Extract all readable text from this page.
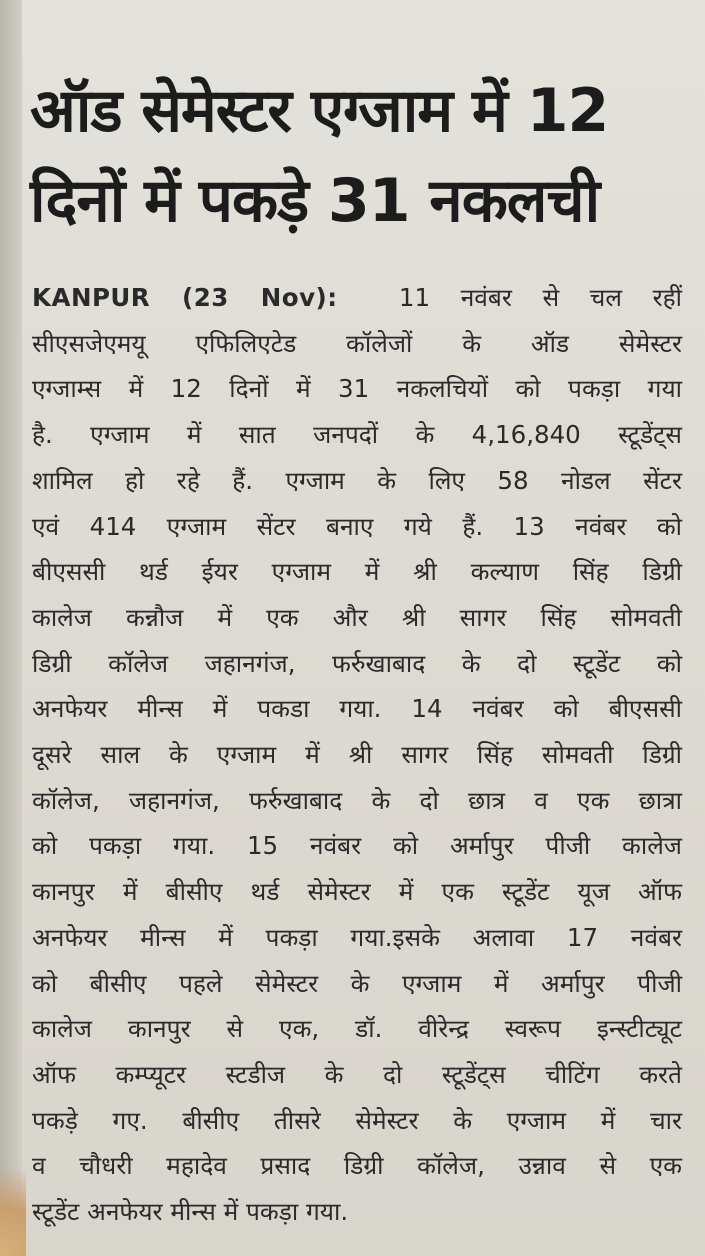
ऑड सेमेस्टर एग्जाम में 12
दिनों में पकड़े 31 नकलची
KANPUR (23 Nov):	11 नवंबर से चल रहीं
सीएसजेएमयू एफिलिएटेड कॉलेजों के ऑड सेमेस्टर
एग्जाम्स में 12 दिनों में 31 नकलचियों को पकड़ा गया
है. एग्जाम में सात जनपदों के 4,16,840 स्टूडेंट्स
शामिल हो रहे हैं. एग्जाम के लिए 58 नोडल सेंटर
एवं 414 एग्जाम सेंटर बनाए गये हैं. 13 नवंबर को
बीएससी थर्ड ईयर एग्जाम में श्री कल्याण सिंह डिग्री
कालेज कन्नौज में एक और श्री सागर सिंह सोमवती
डिग्री कॉलेज जहानगंज, फर्रुखाबाद के दो स्टूडेंट को
अनफेयर मीन्स में पकडा गया. 14 नवंबर को बीएससी
दूसरे साल के एग्जाम में श्री सागर सिंह सोमवती डिग्री
कॉलेज, जहानगंज, फर्रुखाबाद के दो छात्र व एक छात्रा
को पकड़ा गया. 15 नवंबर को अर्मापुर पीजी कालेज
कानपुर में बीसीए थर्ड सेमेस्टर में एक स्टूडेंट यूज ऑफ
अनफेयर मीन्स में पकड़ा गया.इसके अलावा 17 नवंबर
को बीसीए पहले सेमेस्टर के एग्जाम में अर्मापुर पीजी
कालेज कानपुर से एक, डॉ. वीरेन्द्र स्वरूप इन्स्टीट्यूट
ऑफ कम्प्यूटर स्टडीज के दो स्टूडेंट्स चीटिंग करते
पकड़े गए. बीसीए तीसरे सेमेस्टर के एग्जाम में चार
व चौधरी महादेव प्रसाद डिग्री कॉलेज, उन्नाव से एक
स्टूडेंट अनफेयर मीन्स में पकड़ा गया.
